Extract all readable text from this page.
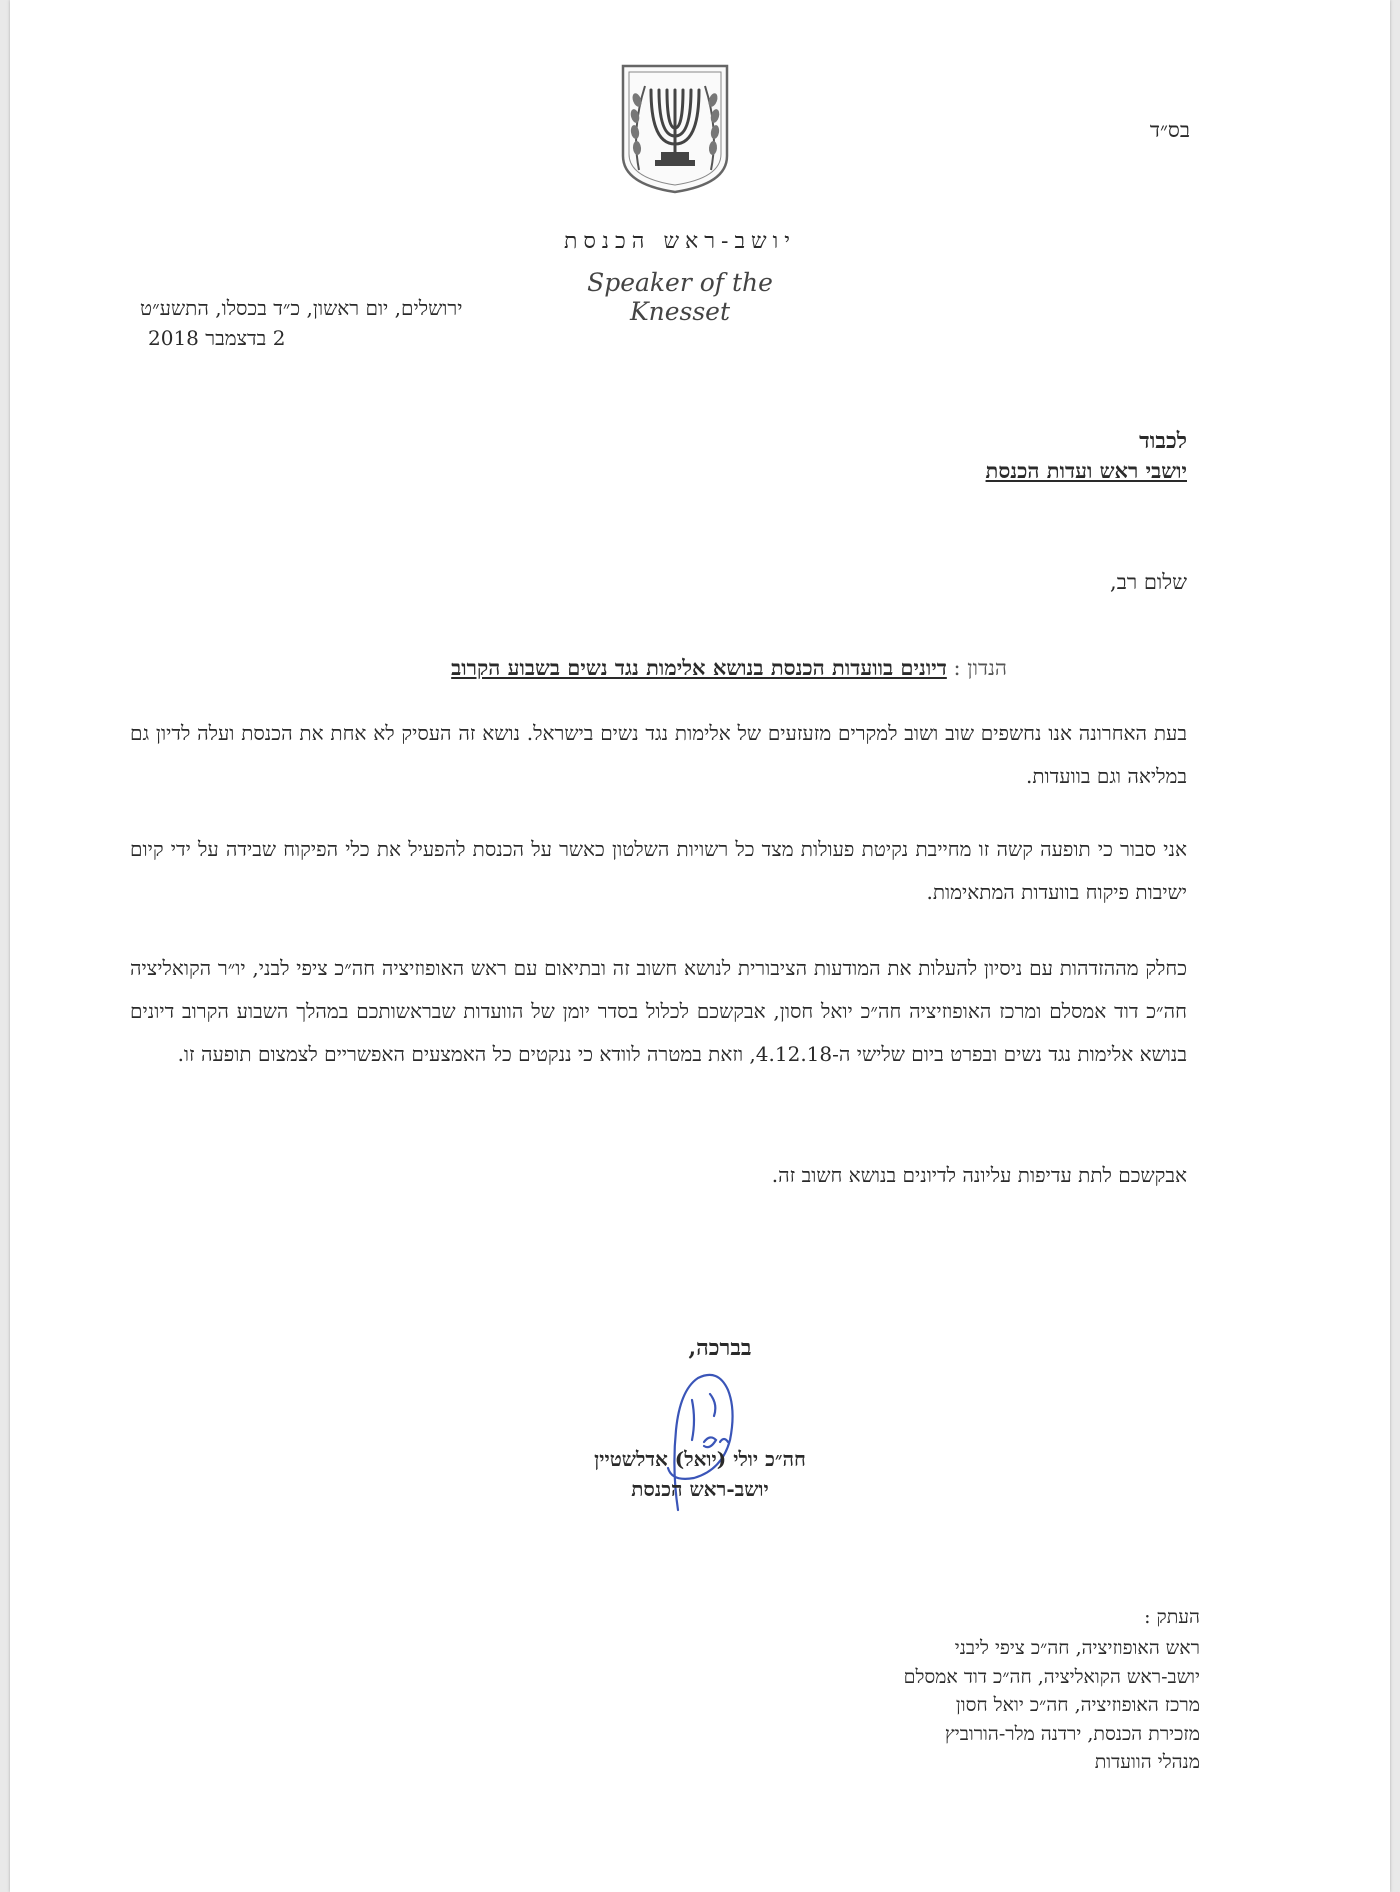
בס״ד
יושב-ראש הכנסת
Speaker of the Knesset
ירושלים, יום ראשון, כ״ד בכסלו, התשע״ט
2 בדצמבר 2018
לכבוד
יושבי ראש ועדות הכנסת
שלום רב,
הנדון : דיונים בוועדות הכנסת בנושא אלימות נגד נשים בשבוע הקרוב
בעת האחרונה אנו נחשפים שוב ושוב למקרים מזעזעים של אלימות נגד נשים בישראל. נושא זה העסיק לא אחת את הכנסת ועלה לדיון גם במליאה וגם בוועדות.
אני סבור כי תופעה קשה זו מחייבת נקיטת פעולות מצד כל רשויות השלטון כאשר על הכנסת להפעיל את כלי הפיקוח שבידה על ידי קיום ישיבות פיקוח בוועדות המתאימות.
כחלק מההזדהות עם ניסיון להעלות את המודעות הציבורית לנושא חשוב זה ובתיאום עם ראש האופוזיציה חה״כ ציפי לבני, יו״ר הקואליציה חה״כ דוד אמסלם ומרכז האופוזיציה חה״כ יואל חסון, אבקשכם לכלול בסדר יומן של הוועדות שבראשותכם במהלך השבוע הקרוב דיונים בנושא אלימות נגד נשים ובפרט ביום שלישי ה-4.12.18, וזאת במטרה לוודא כי ננקטים כל האמצעים האפשריים לצמצום תופעה זו.
אבקשכם לתת עדיפות עליונה לדיונים בנושא חשוב זה.
בברכה,
חה״כ יולי (יואל) אדלשטיין
יושב-ראש הכנסת
העתק :
ראש האופוזיציה, חה״כ ציפי ליבני
יושב-ראש הקואליציה, חה״כ דוד אמסלם
מרכז האופוזיציה, חה״כ יואל חסון
מזכירת הכנסת, ירדנה מלר-הורוביץ
מנהלי הוועדות
